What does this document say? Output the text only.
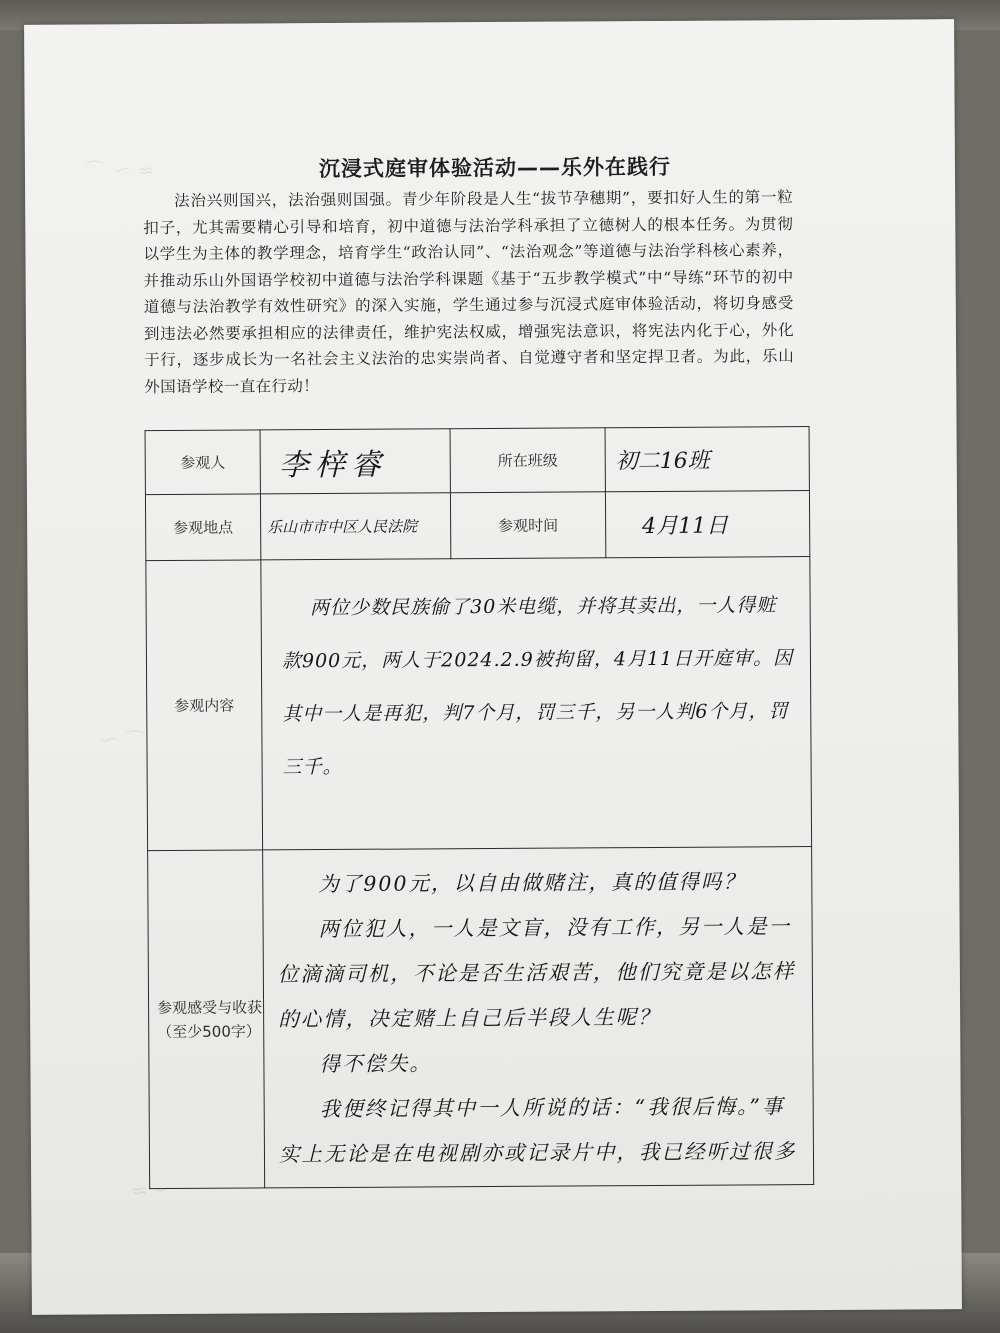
≈ ～ ⌒
⌒ ～
～ ≈
沉浸式庭审体验活动——乐外在践行
法治兴则国兴，法治强则国强。青少年阶段是人生“拔节孕穗期”，要扣好人生的第一粒扣子，尤其需要精心引导和培育，初中道德与法治学科承担了立德树人的根本任务。为贯彻以学生为主体的教学理念，培育学生“政治认同”、“法治观念”等道德与法治学科核心素养，并推动乐山外国语学校初中道德与法治学科课题《基于“五步教学模式”中“导练”环节的初中道德与法治教学有效性研究》的深入实施，学生通过参与沉浸式庭审体验活动，将切身感受到违法必然要承担相应的法律责任，维护宪法权威，增强宪法意识，将宪法内化于心，外化于行，逐步成长为一名社会主义法治的忠实崇尚者、自觉遵守者和坚定捍卫者。为此，乐山外国语学校一直在行动！
参观人	李梓睿	所在班级	初二16班
参观地点	乐山市市中区人民法院	参观时间	4月11日
参观内容	两位少数民族偷了30米电缆，并将其卖出，一人得赃款900元，两人于2024.2.9被拘留，4月11日开庭审。因其中一人是再犯，判7个月，罚三千，另一人判6个月，罚三千。		

参观感受与收获（至少500字）	为了900元，以自由做赌注，真的值得吗？

两位犯人，一人是文盲，没有工作，另一人是一位滴滴司机，不论是否生活艰苦，他们究竟是以怎样的心情，决定赌上自己后半段人生呢？

得不偿失。

我便终记得其中一人所说的话：“我很后悔。”事实上无论是在电视剧亦或记录片中，我已经听过很多		
